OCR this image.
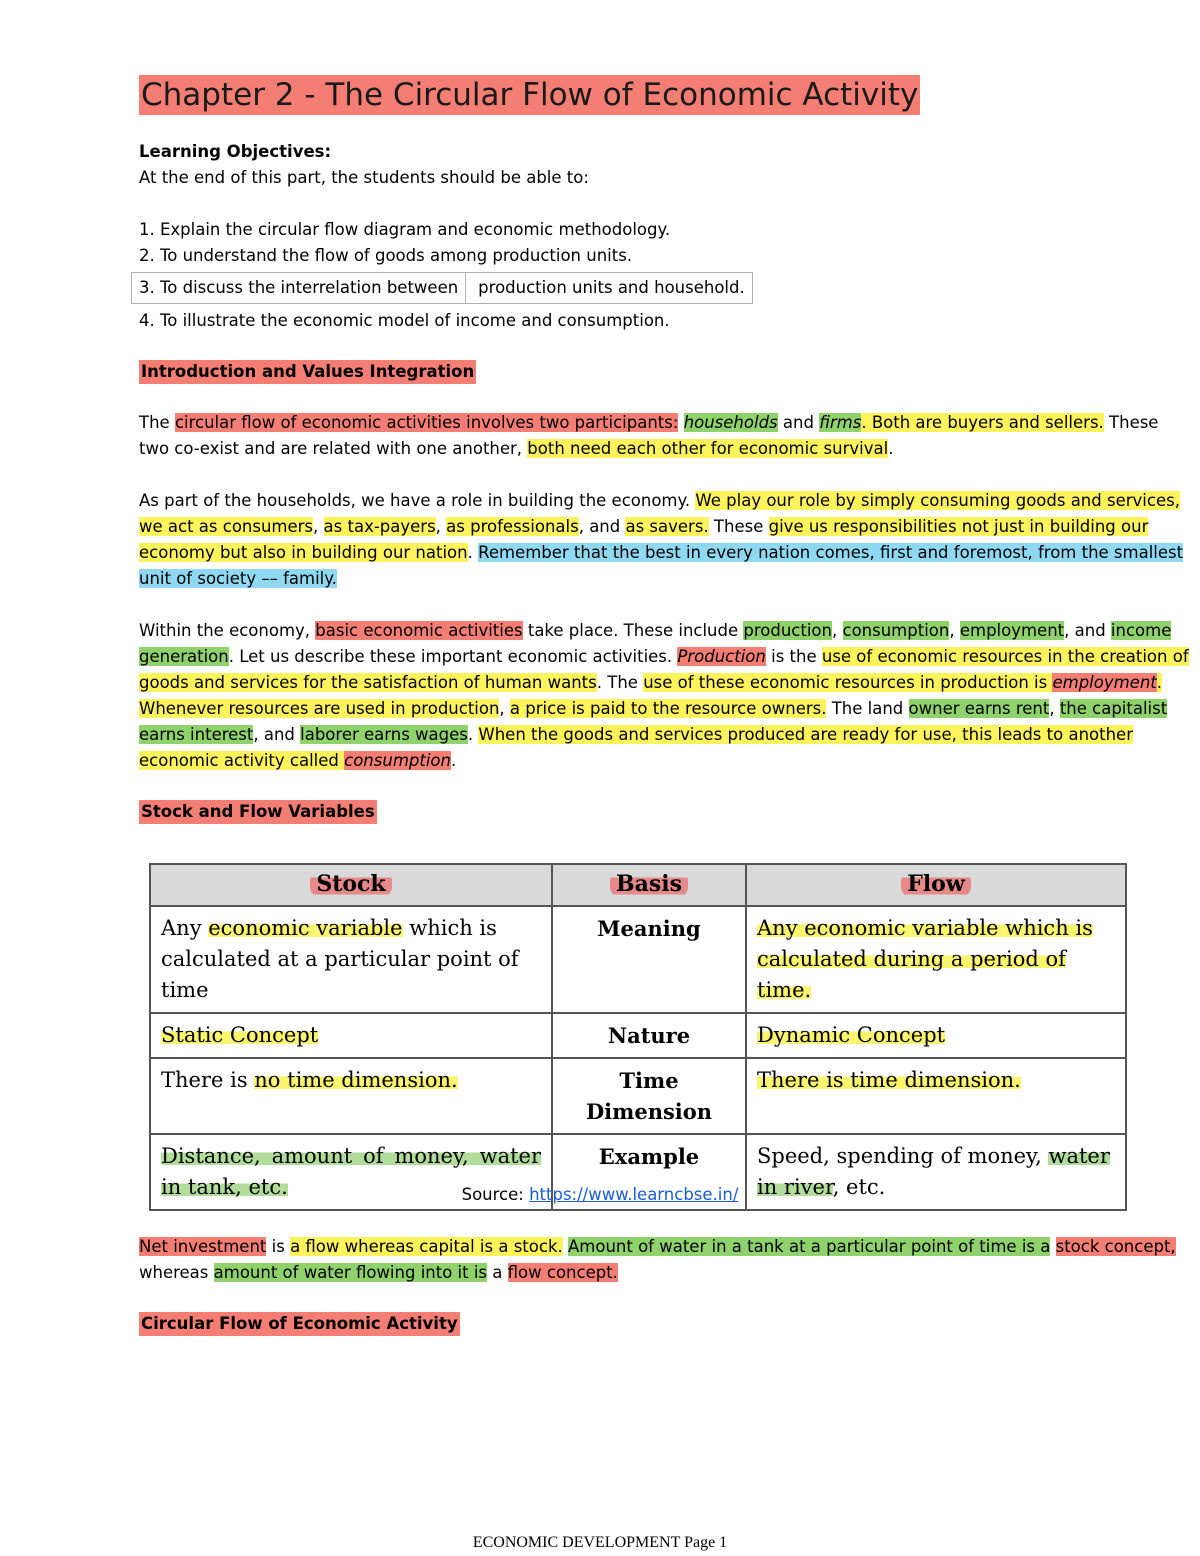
Chapter 2 - The Circular Flow of Economic Activity

Learning Objectives:

At the end of this part, the students should be able to:

1. Explain the circular flow diagram and economic methodology.

2. To understand the flow of goods among production units.

3. To discuss the interrelation between	production units and household.

4. To illustrate the economic model of income and consumption.

Introduction and Values Integration

The circular flow of economic activities involves two participants: households and firms. Both are buyers and sellers. These two co-exist and are related with one another, both need each other for economic survival.

As part of the households, we have a role in building the economy. We play our role by simply consuming goods and services, we act as consumers, as tax-payers, as professionals, and as savers. These give us responsibilities not just in building our economy but also in building our nation. Remember that the best in every nation comes, first and foremost, from the smallest unit of society –– family.

Within the economy, basic economic activities take place. These include production, consumption, employment, and income generation. Let us describe these important economic activities. Production is the use of economic resources in the creation of goods and services for the satisfaction of human wants. The use of these economic resources in production is employment. Whenever resources are used in production, a price is paid to the resource owners. The land owner earns rent, the capitalist earns interest, and laborer earns wages. When the goods and services produced are ready for use, this leads to another economic activity called consumption.

Stock and Flow Variables
Stock	Basis	Flow
Any economic variable which is calculated at a particular point of time	Meaning	Any economic variable which is calculated during a period of time.
Static Concept	Nature	Dynamic Concept
There is no time dimension.	Time Dimension	There is time dimension.
Distance, amount of money, water in tank, etc.	Example	Speed, spending of money, water in river, etc.
Source: https://www.learncbse.in/

Net investment is a flow whereas capital is a stock. Amount of water in a tank at a particular point of time is a stock concept, whereas amount of water flowing into it is a flow concept.

Circular Flow of Economic Activity
ECONOMIC DEVELOPMENT Page 1
